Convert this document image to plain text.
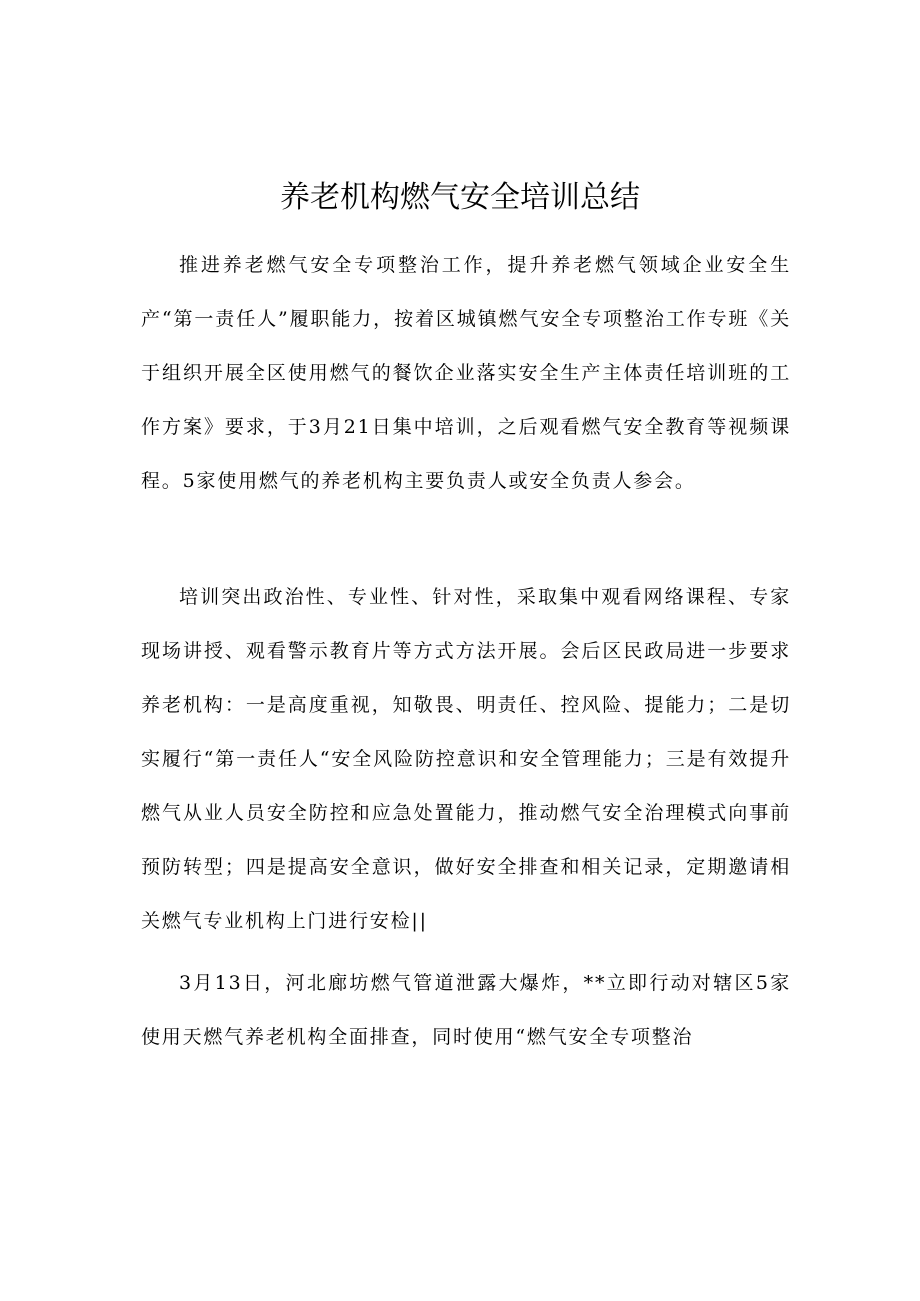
养老机构燃气安全培训总结

推进养老燃气安全专项整治工作，提升养老燃气领域企业安全生产“第一责任人”履职能力，按着区城镇燃气安全专项整治工作专班《关于组织开展全区使用燃气的餐饮企业落实安全生产主体责任培训班的工作方案》要求，于3月21日集中培训，之后观看燃气安全教育等视频课程。5家使用燃气的养老机构主要负责人或安全负责人参会。

培训突出政治性、专业性、针对性，采取集中观看网络课程、专家现场讲授、观看警示教育片等方式方法开展。会后区民政局进一步要求养老机构：一是高度重视，知敬畏、明责任、控风险、提能力；二是切实履行“第一责任人“安全风险防控意识和安全管理能力；三是有效提升燃气从业人员安全防控和应急处置能力，推动燃气安全治理模式向事前预防转型；四是提高安全意识，做好安全排查和相关记录，定期邀请相关燃气专业机构上门进行安检||

3月13日，河北廊坊燃气管道泄露大爆炸，**立即行动对辖区5家使用天燃气养老机构全面排查，同时使用“燃气安全专项整治
